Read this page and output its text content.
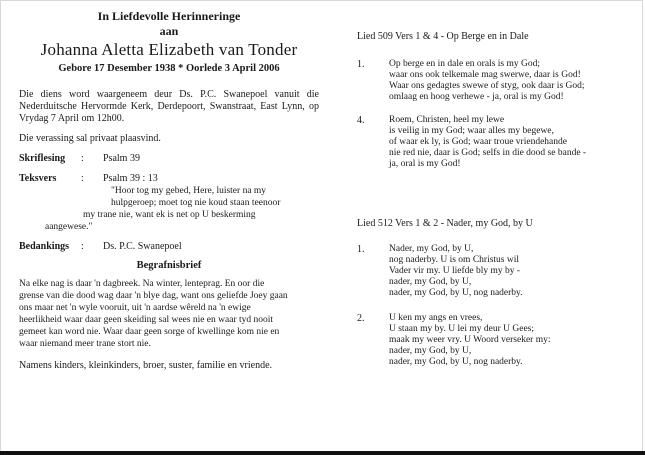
In Liefdevolle Herinneringe
aan
Johanna Aletta Elizabeth van Tonder
Gebore 17 Desember 1938 * Oorlede 3 April 2006
Die diens word waargeneem deur Ds. P.C. Swanepoel vanuit die Nederduitsche Hervormde Kerk, Derdepoort, Swanstraat, East Lynn, op Vrydag 7 April om 12h00.
Die verassing sal privaat plaasvind.
Skriflesing	:	Psalm 39
Teksvers	:	Psalm 39 : 13
"Hoor tog my gebed, Here, luister na my
hulpgeroep; moet tog nie koud staan teenoor
my trane nie, want ek is net op U beskerming
aangewese."
Bedankings	:	Ds. P.C. Swanepoel
Begrafnisbrief
Na elke nag is daar 'n dagbreek. Na winter, lenteprag. En oor die
grense van die dood wag daar 'n blye dag, want ons geliefde Joey gaan
ons maar net 'n wyle vooruit, uit 'n aardse wêreld na 'n ewige
heerlikheid waar daar geen skeiding sal wees nie en waar tyd nooit
gemeet kan word nie. Waar daar geen sorge of kwellinge kom nie en
waar niemand meer trane stort nie.
Namens kinders, kleinkinders, broer, suster, familie en vriende.
Lied 509 Vers 1 & 4 - Op Berge en in Dale
1.	Op berge en in dale en orals is my God;
waar ons ook telkemale mag swerwe, daar is God!
Waar ons gedagtes swewe of styg, ook daar is God;
omlaag en hoog verhewe - ja, oral is my God!
4.	Roem, Christen, heel my lewe
is veilig in my God; waar alles my begewe,
of waar ek ly, is God; waar troue vriendehande
nie red nie, daar is God; selfs in die dood se bande -
ja, oral is my God!
Lied 512 Vers 1 & 2 - Nader, my God, by U
1.	Nader, my God, by U,
nog naderby. U is om Christus wil
Vader vir my. U liefde bly my by -
nader, my God, by U,
nader, my God, by U, nog naderby.
2.	U ken my angs en vrees,
U staan my by. U lei my deur U Gees;
maak my weer vry. U Woord verseker my:
nader, my God, by U,
nader, my God, by U, nog naderby.
